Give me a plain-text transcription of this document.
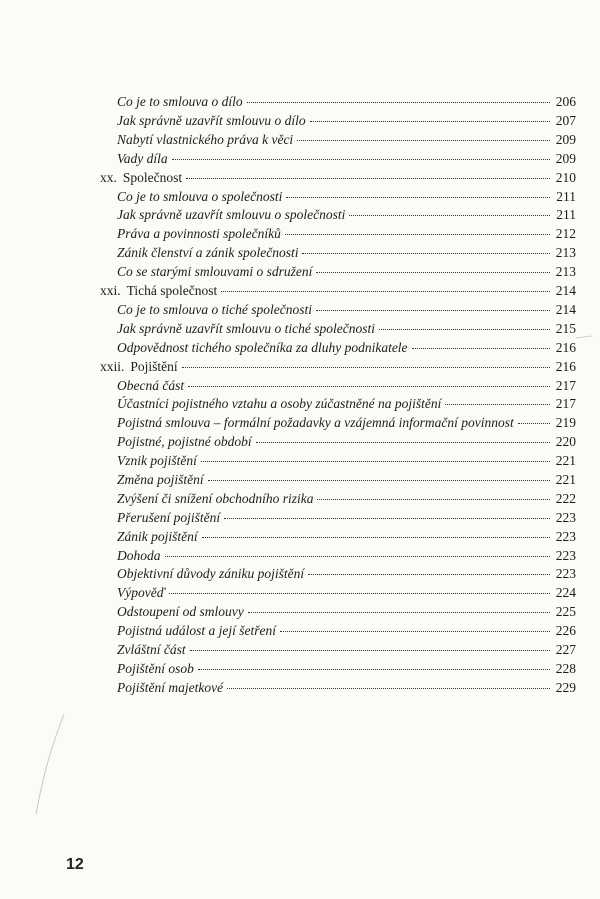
Co je to smlouva o dílo	206
Jak správně uzavřít smlouvu o dílo	207
Nabytí vlastnického práva k věci	209
Vady díla	209
xx. Společnost	210
Co je to smlouva o společnosti	211
Jak správně uzavřít smlouvu o společnosti	211
Práva a povinnosti společníků	212
Zánik členství a zánik společnosti	213
Co se starými smlouvami o sdružení	213
xxi. Tichá společnost	214
Co je to smlouva o tiché společnosti	214
Jak správně uzavřít smlouvu o tiché společnosti	215
Odpovědnost tichého společníka za dluhy podnikatele	216
xxii. Pojištění	216
Obecná část	217
Účastníci pojistného vztahu a osoby zúčastněné na pojištění	217
Pojistná smlouva – formální požadavky a vzájemná informační povinnost	219
Pojistné, pojistné období	220
Vznik pojištění	221
Změna pojištění	221
Zvýšení či snížení obchodního rizika	222
Přerušení pojištění	223
Zánik pojištění	223
Dohoda	223
Objektivní důvody zániku pojištění	223
Výpověď	224
Odstoupení od smlouvy	225
Pojistná událost a její šetření	226
Zvláštní část	227
Pojištění osob	228
Pojištění majetkové	229
12
